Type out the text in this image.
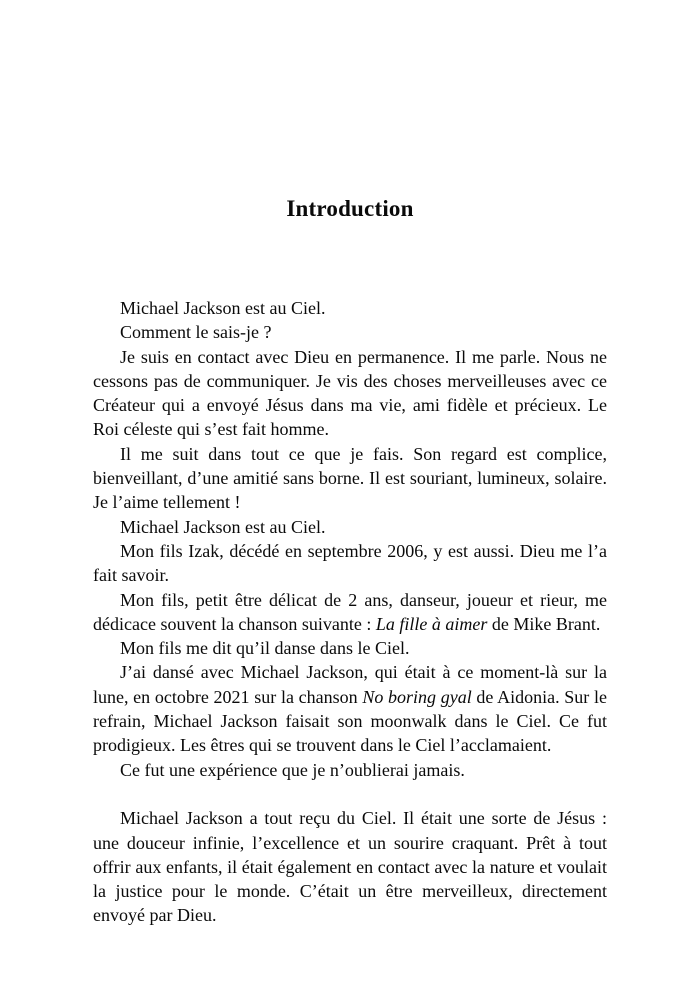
Introduction

Michael Jackson est au Ciel.

Comment le sais-je ?

Je suis en contact avec Dieu en permanence. Il me parle. Nous ne cessons pas de communiquer. Je vis des choses merveilleuses avec ce Créateur qui a envoyé Jésus dans ma vie, ami fidèle et précieux. Le Roi céleste qui s’est fait homme.

Il me suit dans tout ce que je fais. Son regard est complice, bienveillant, d’une amitié sans borne. Il est souriant, lumineux, solaire. Je l’aime tellement !

Michael Jackson est au Ciel.

Mon fils Izak, décédé en septembre 2006, y est aussi. Dieu me l’a fait savoir.

Mon fils, petit être délicat de 2 ans, danseur, joueur et rieur, me dédicace souvent la chanson suivante : La fille à aimer de Mike Brant.

Mon fils me dit qu’il danse dans le Ciel.

J’ai dansé avec Michael Jackson, qui était à ce moment-là sur la lune, en octobre 2021 sur la chanson No boring gyal de Aidonia. Sur le refrain, Michael Jackson faisait son moonwalk dans le Ciel. Ce fut prodigieux. Les êtres qui se trouvent dans le Ciel l’acclamaient.

Ce fut une expérience que je n’oublierai jamais.

Michael Jackson a tout reçu du Ciel. Il était une sorte de Jésus : une douceur infinie, l’excellence et un sourire craquant. Prêt à tout offrir aux enfants, il était également en contact avec la nature et voulait la justice pour le monde. C’était un être merveilleux, directement envoyé par Dieu.
